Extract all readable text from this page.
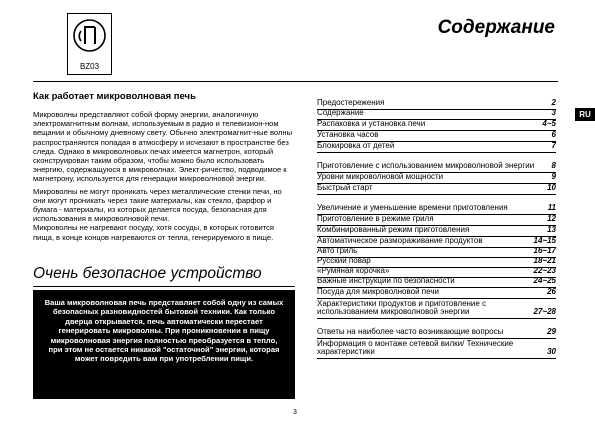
BZ03
Содержание
RU
Как работает микроволновая печь

Микроволны представляют собой форму энергии, аналогичную электромагнитным волнам, используемым в радио и телевизион-ном вещании и обычному дневному свету. Обычно электромагнит-ные волны распространяются попадая в атмосферу и исчезают в пространстве без следа. Однако в микроволновых печах имеется магнетрон, который сконструирован таким образом, чтобы можно было использовать энергию, содержащуюся в микроволнах. Элект-ричество, подводимое к магнетрону, используется для генерации микроволновой энергии.

Микроволны не могут проникать через металлические стенки печи, но они могут проникать через такие материалы, как стекло, фарфор и бумага - материалы, из которых делается посуда, безопасная для использования в микроволновой печи.

Микроволны не нагревают посуду, хотя сосуды, в которых готовится пища, в конце концов нагреваются от тепла, генерируемого в пище.

Очень безопасное устройство
Ваша микроволновая печь представляет собой одну из самых безопасных разновидностей бытовой техники. Как только дверца открывается, печь автоматически перестает генерировать микроволны. При проникновении в пищу микроволновая энергия полностью преобразуется в тепло, при этом не остается никакой "остаточной" энергии, которая может повредить вам при употреблении пищи.
Предостережения	2
Содержание	3
Распаковка и установка печи	4~5
Установка часов	6
Блокировка от детей	7
Приготовление с использованием микроволновой энергии	8
Уровни микроволновой мощности	9
Быстрый старт	10
Увеличение и уменьшение времени приготовления	11
Приготовление в режиме гриля	12
Комбинированный режим приготовления	13
Автоматическое размораживание продуктов	14~15
Авто гриль	16~17
Русский повар	18~21
«Румяная корочка»	22~23
Важные инструкции по безопасности	24~25
Посуда для микроволновой печи	26
Характеристики продуктов и приготовление с использованием микроволновой энергии	27~28
Ответы на наиболее часто возникающие вопросы	29
Информация о монтаже сетевой вилки/ Технические характеристики	30
3
